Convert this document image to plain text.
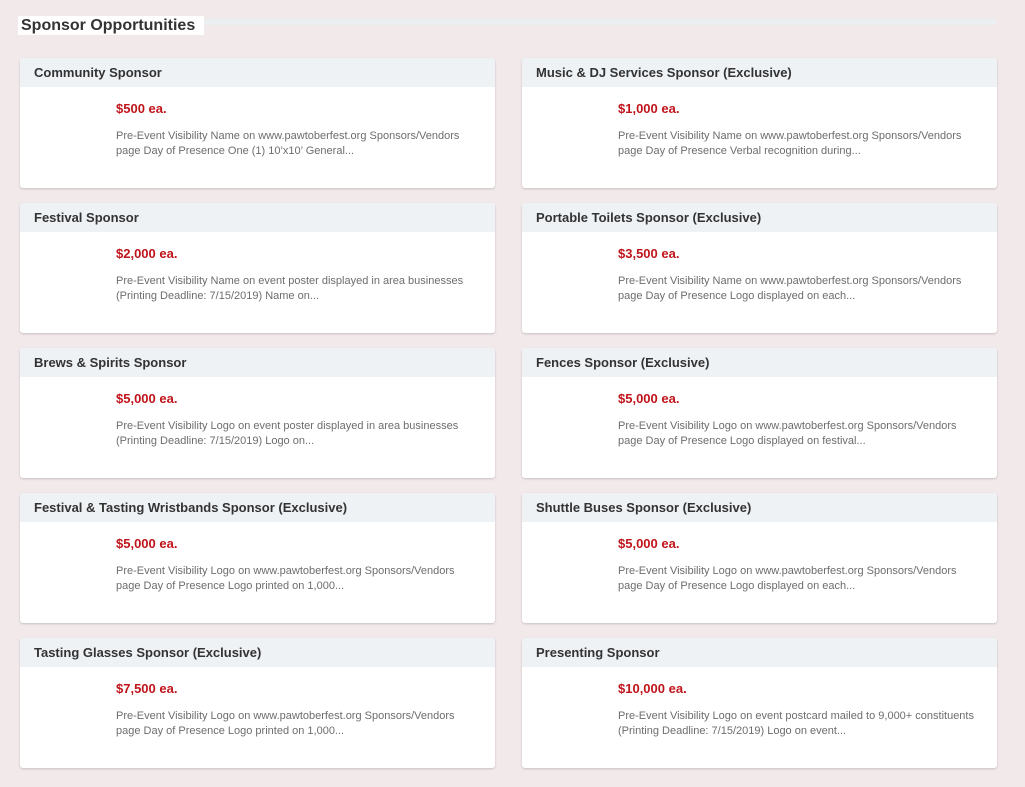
Sponsor Opportunities
Community Sponsor
$500 ea.
Pre-Event Visibility Name on www.pawtoberfest.org Sponsors/Vendors page Day of Presence One (1) 10’x10’ General...
Music & DJ Services Sponsor (Exclusive)
$1,000 ea.
Pre-Event Visibility Name on www.pawtoberfest.org Sponsors/Vendors page Day of Presence Verbal recognition during...
Festival Sponsor
$2,000 ea.
Pre-Event Visibility Name on event poster displayed in area businesses (Printing Deadline: 7/15/2019) Name on...
Portable Toilets Sponsor (Exclusive)
$3,500 ea.
Pre-Event Visibility Name on www.pawtoberfest.org Sponsors/Vendors page Day of Presence Logo displayed on each...
Brews & Spirits Sponsor
$5,000 ea.
Pre-Event Visibility Logo on event poster displayed in area businesses (Printing Deadline: 7/15/2019) Logo on...
Fences Sponsor (Exclusive)
$5,000 ea.
Pre-Event Visibility Logo on www.pawtoberfest.org Sponsors/Vendors page Day of Presence Logo displayed on festival...
Festival & Tasting Wristbands Sponsor (Exclusive)
$5,000 ea.
Pre-Event Visibility Logo on www.pawtoberfest.org Sponsors/Vendors page Day of Presence Logo printed on 1,000...
Shuttle Buses Sponsor (Exclusive)
$5,000 ea.
Pre-Event Visibility Logo on www.pawtoberfest.org Sponsors/Vendors page Day of Presence Logo displayed on each...
Tasting Glasses Sponsor (Exclusive)
$7,500 ea.
Pre-Event Visibility Logo on www.pawtoberfest.org Sponsors/Vendors page Day of Presence Logo printed on 1,000...
Presenting Sponsor
$10,000 ea.
Pre-Event Visibility Logo on event postcard mailed to 9,000+ constituents (Printing Deadline: 7/15/2019) Logo on event...
